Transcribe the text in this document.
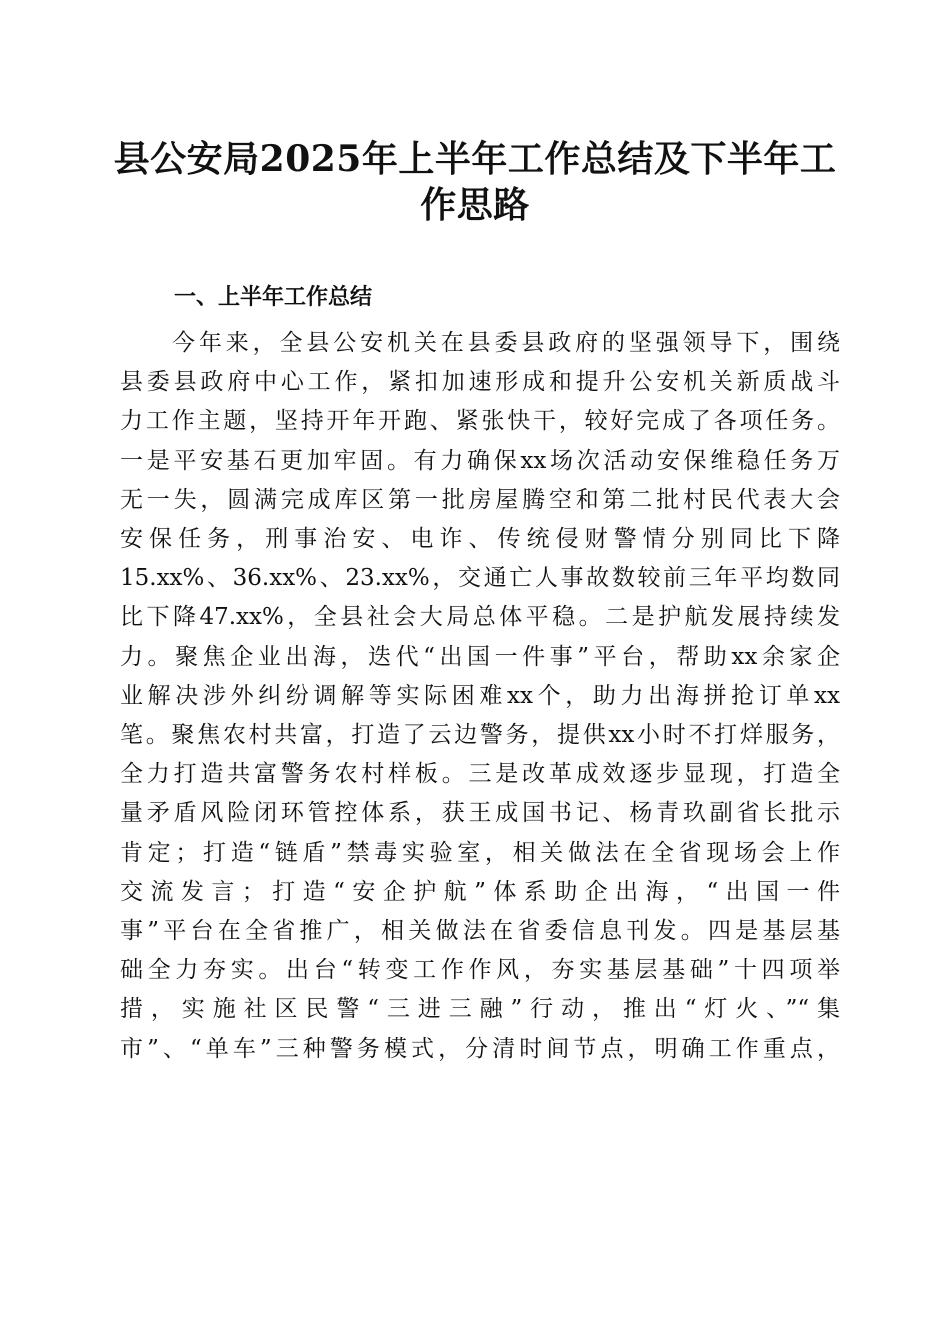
县公安局2025年上半年工作总结及下半年工
作思路
一、上半年工作总结
今年来，全县公安机关在县委县政府的坚强领导下，围绕
县委县政府中心工作，紧扣加速形成和提升公安机关新质战斗
力工作主题，坚持开年开跑、紧张快干，较好完成了各项任务。
一是平安基石更加牢固。有力确保xx场次活动安保维稳任务万
无一失，圆满完成库区第一批房屋腾空和第二批村民代表大会
安保任务，刑事治安、电诈、传统侵财警情分别同比下降
15.xx%、36.xx%、23.xx%，交通亡人事故数较前三年平均数同
比下降47.xx%，全县社会大局总体平稳。二是护航发展持续发
力。聚焦企业出海，迭代“出国一件事”平台，帮助xx余家企
业解决涉外纠纷调解等实际困难xx个，助力出海拼抢订单xx
笔。聚焦农村共富，打造了云边警务，提供xx小时不打烊服务，
全力打造共富警务农村样板。三是改革成效逐步显现，打造全
量矛盾风险闭环管控体系，获王成国书记、杨青玖副省长批示
肯定；打造“链盾”禁毒实验室，相关做法在全省现场会上作
交流发言；打造“安企护航”体系助企出海，“出国一件
事”平台在全省推广，相关做法在省委信息刊发。四是基层基
础全力夯实。出台“转变工作作风，夯实基层基础”十四项举
措，实施社区民警“三进三融”行动，推出“灯火、”“集
市”、“单车”三种警务模式，分清时间节点，明确工作重点，
